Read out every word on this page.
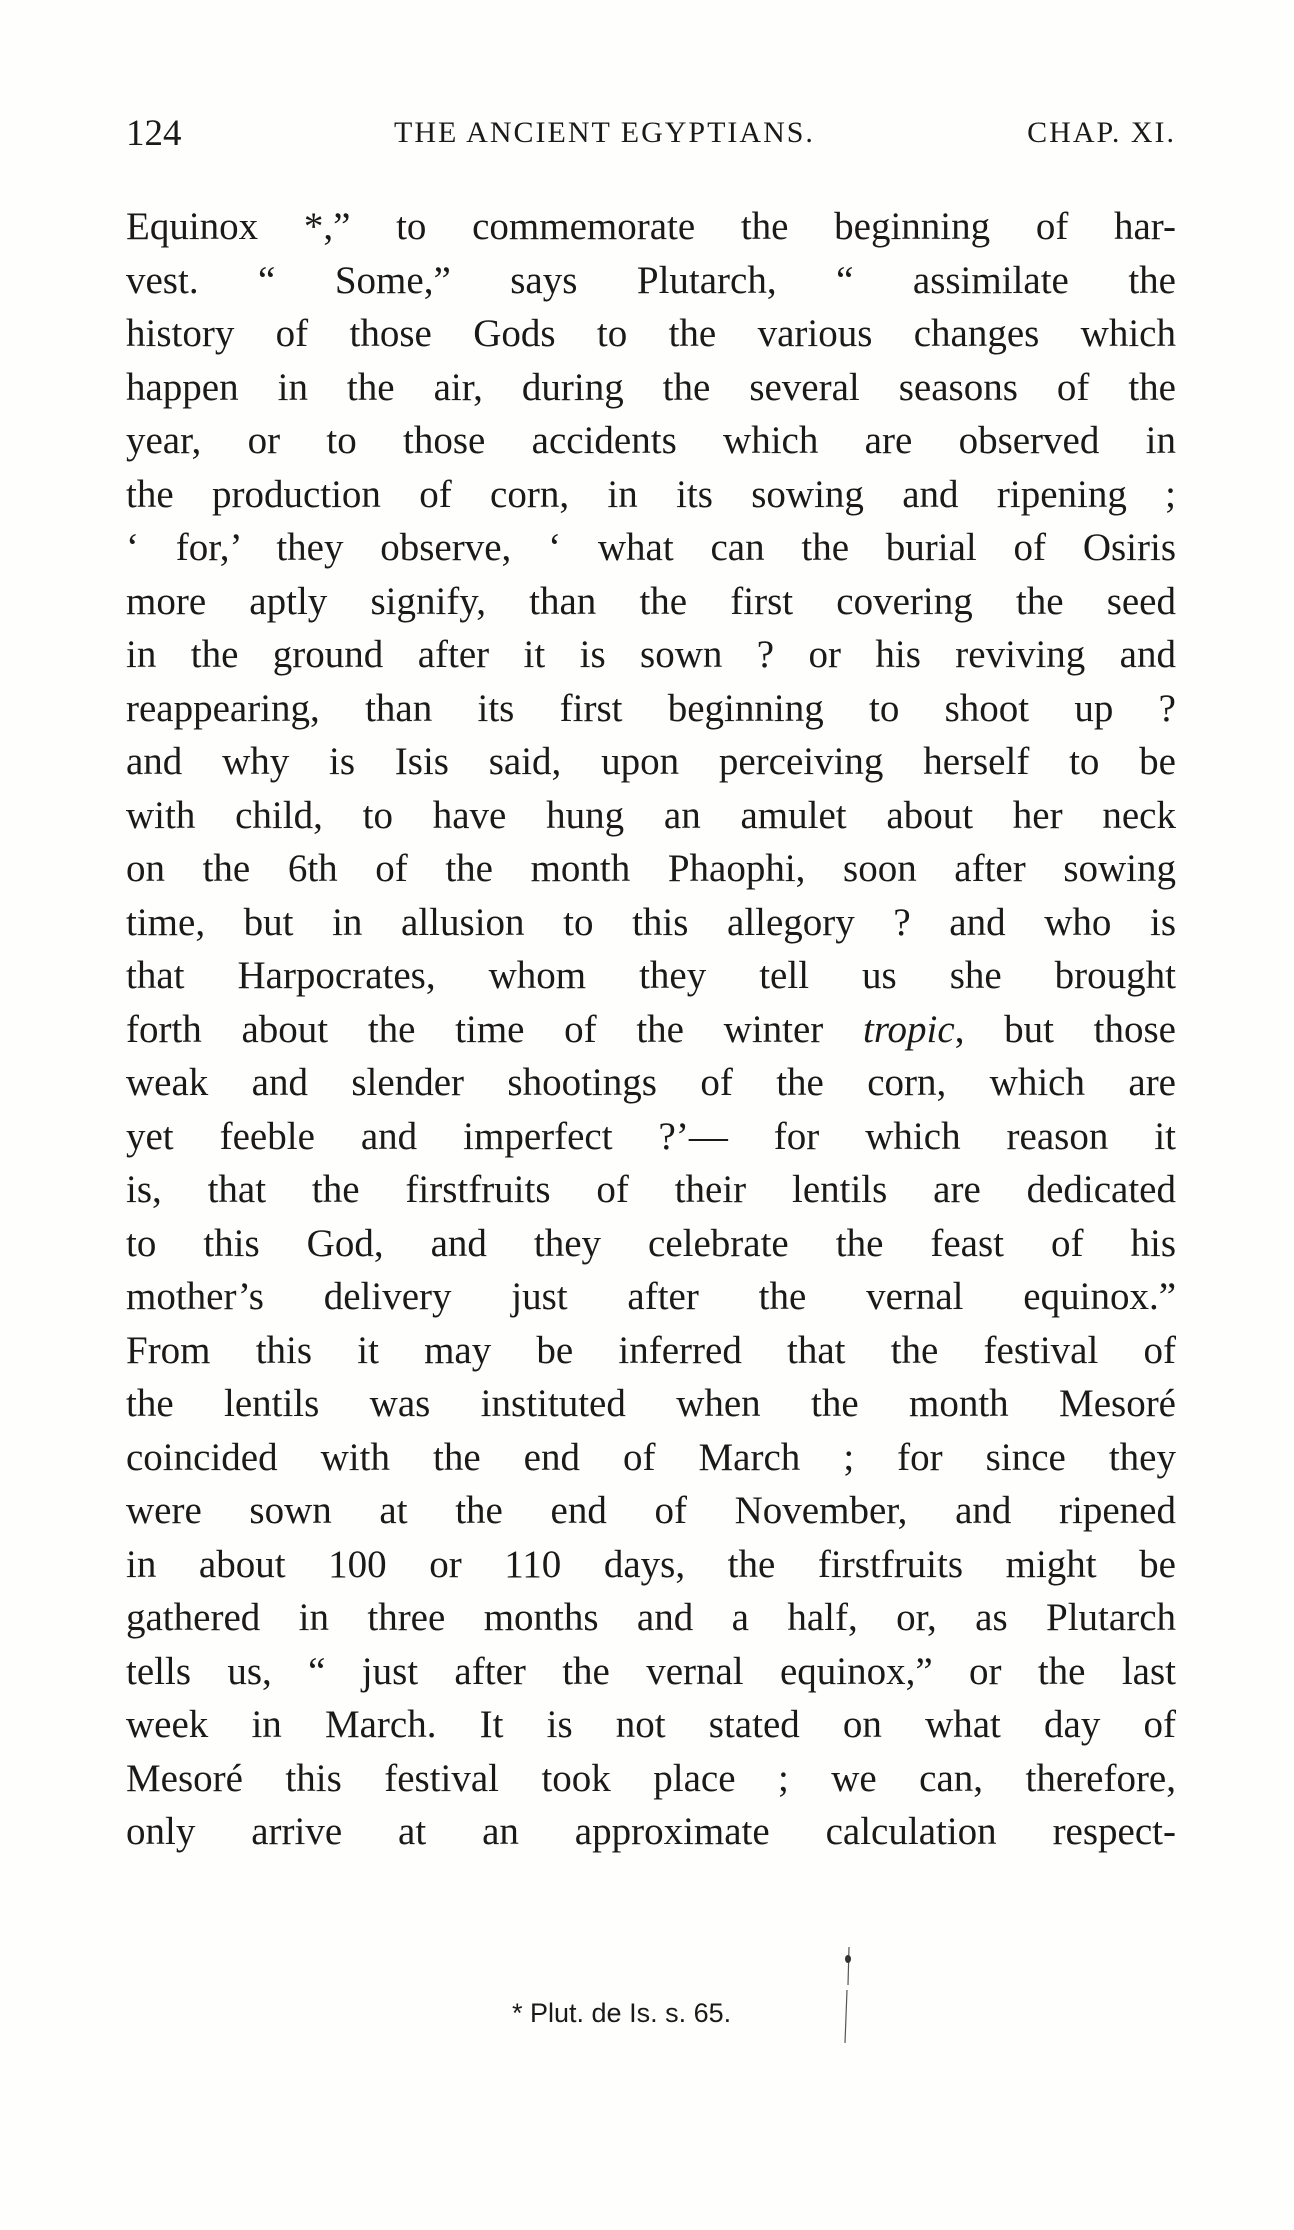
124	THE ANCIENT EGYPTIANS.	CHAP. XI.
Equinox *,” to commemorate the beginning of har-
vest. “ Some,” says Plutarch, “ assimilate the
history of those Gods to the various changes which
happen in the air, during the several seasons of the
year, or to those accidents which are observed in
the production of corn, in its sowing and ripening ;
‘ for,’ they observe, ‘ what can the burial of Osiris
more aptly signify, than the first covering the seed
in the ground after it is sown ? or his reviving and
reappearing, than its first beginning to shoot up ?
and why is Isis said, upon perceiving herself to be
with child, to have hung an amulet about her neck
on the 6th of the month Phaophi, soon after sowing
time, but in allusion to this allegory ? and who is
that Harpocrates, whom they tell us she brought
forth about the time of the winter tropic, but those
weak and slender shootings of the corn, which are
yet feeble and imperfect ?’— for which reason it
is, that the firstfruits of their lentils are dedicated
to this God, and they celebrate the feast of his
mother’s delivery just after the vernal equinox.”
From this it may be inferred that the festival of
the lentils was instituted when the month Mesoré
coincided with the end of March ; for since they
were sown at the end of November, and ripened
in about 100 or 110 days, the firstfruits might be
gathered in three months and a half, or, as Plutarch
tells us, “ just after the vernal equinox,” or the last
week in March. It is not stated on what day of
Mesoré this festival took place ; we can, therefore,
only arrive at an approximate calculation respect-
* Plut. de Is. s. 65.
